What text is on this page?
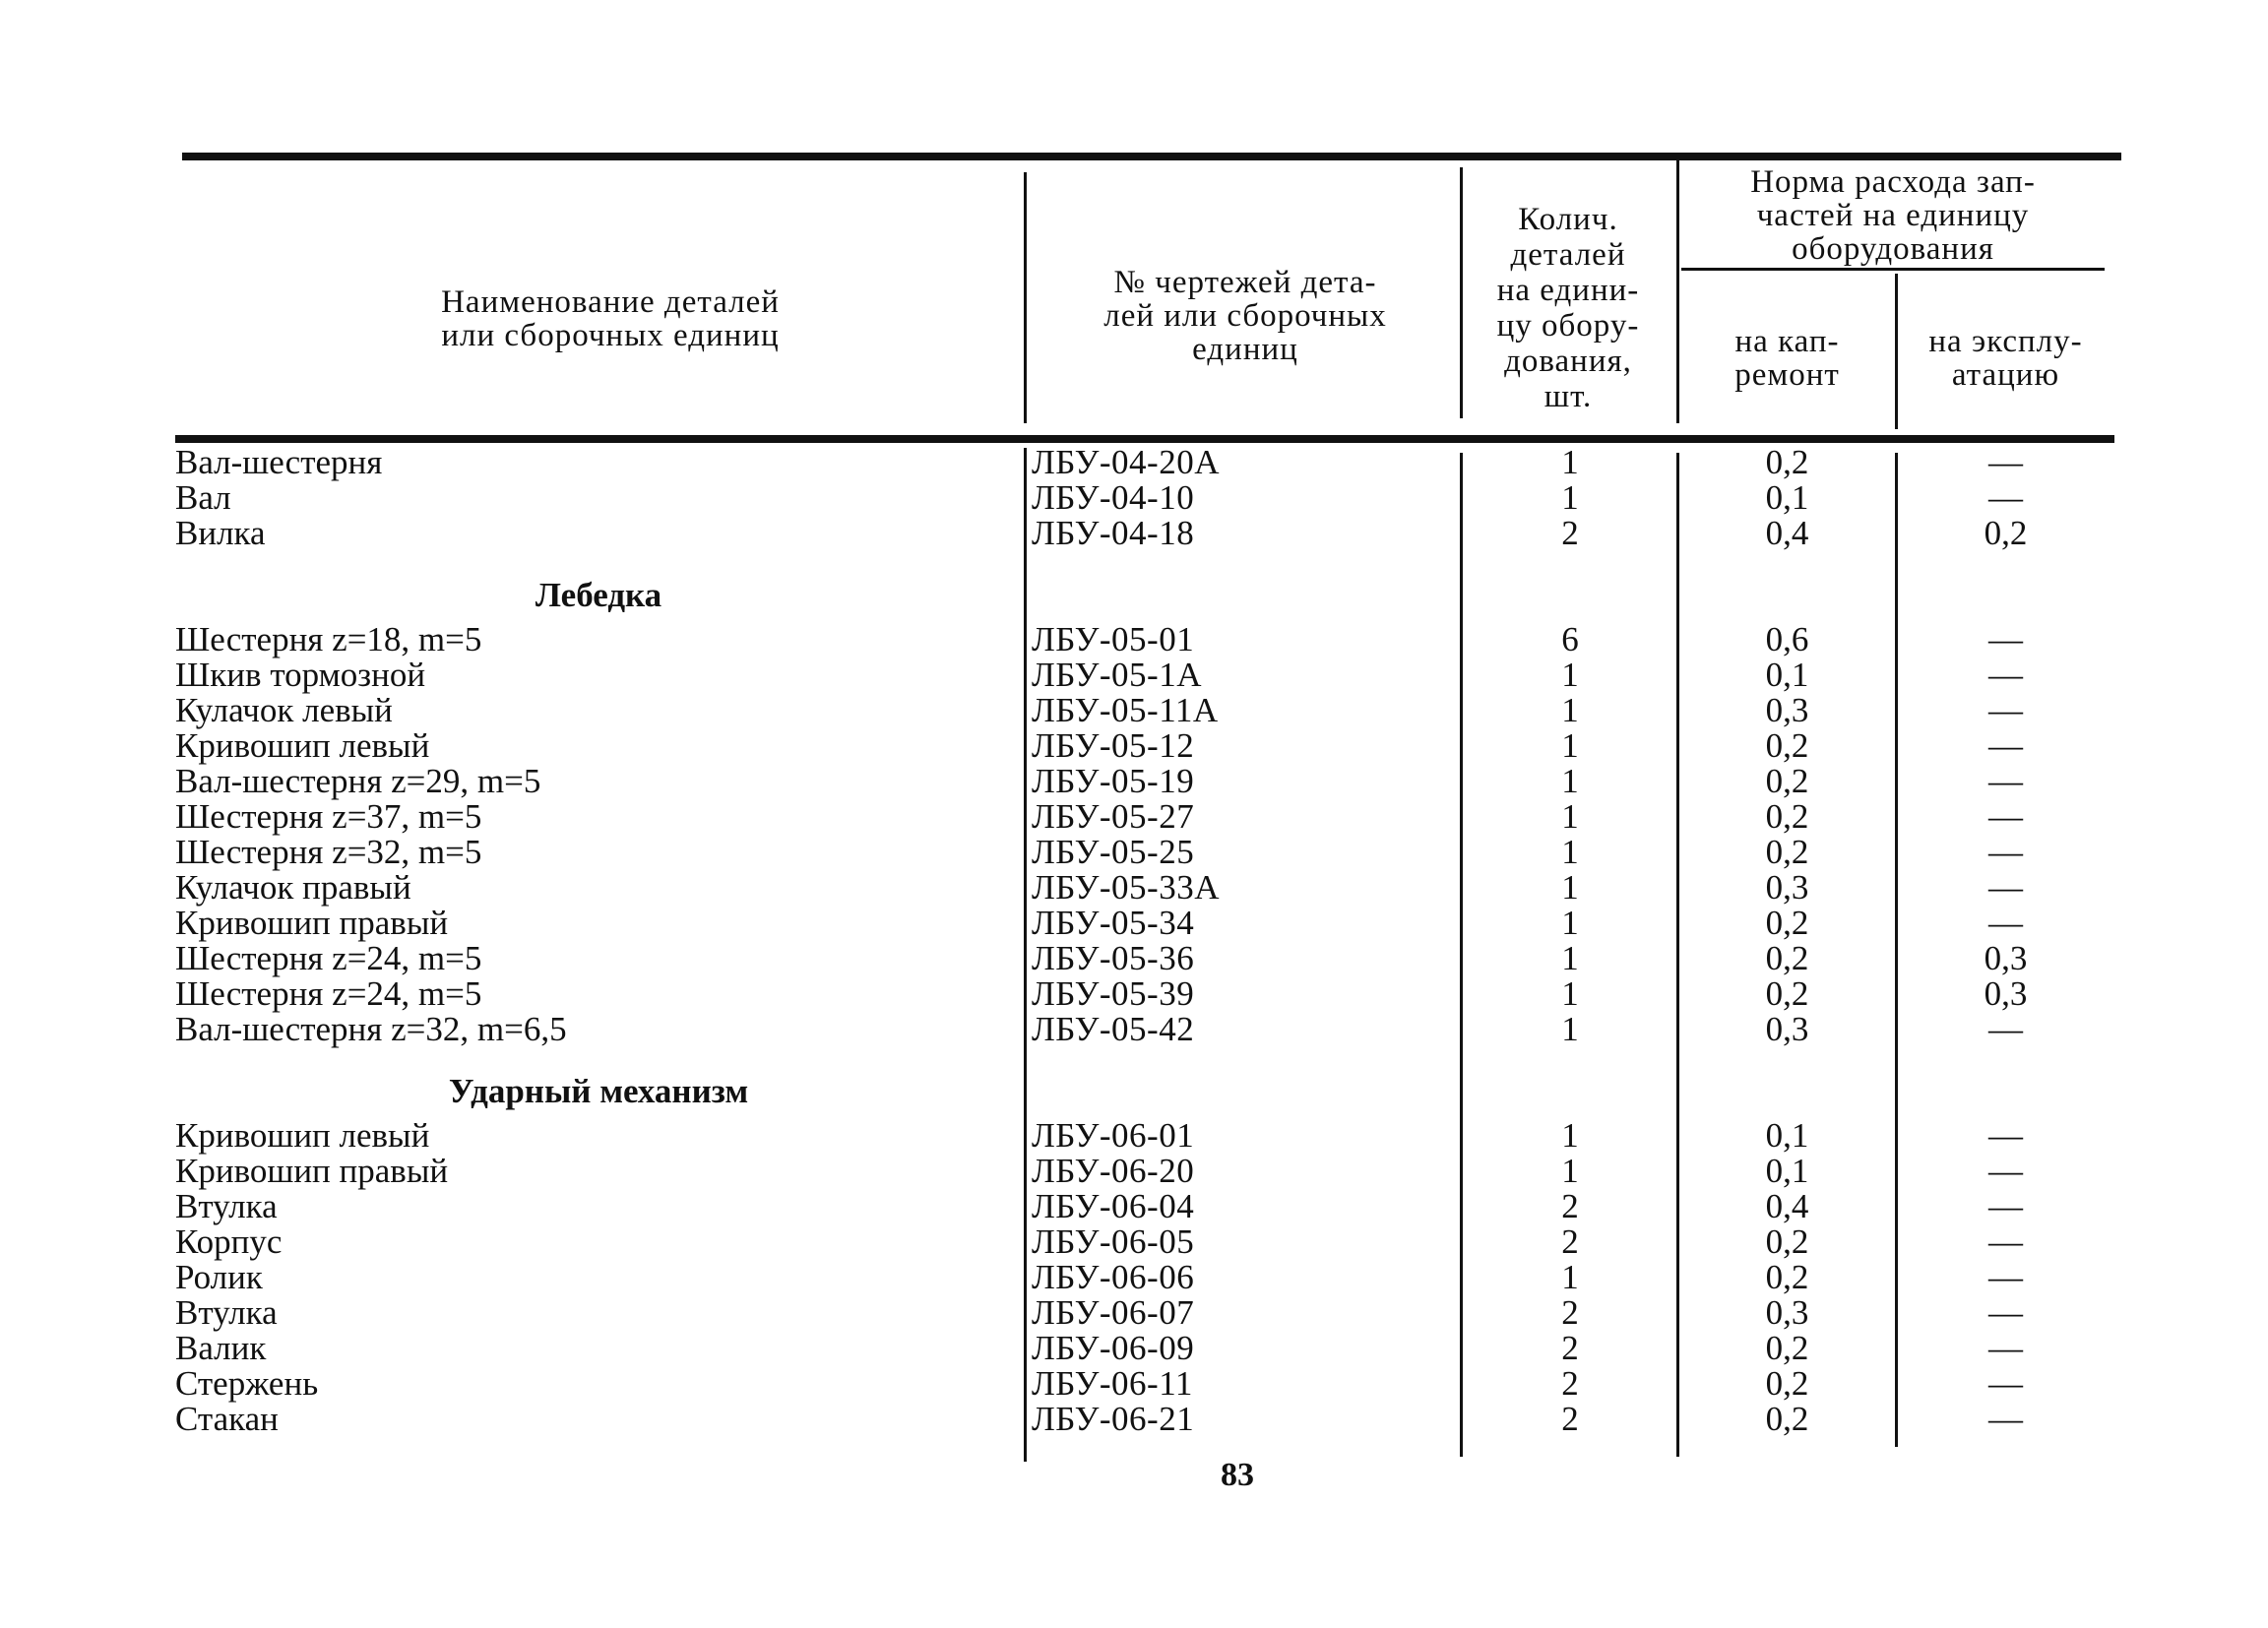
Наименование деталей
или сборочных единиц
№ чертежей дета-
лей или сборочных
единиц
Колич.
деталей
на едини-
цу обору-
дования,
шт.
Норма расхода зап-
частей на единицу
оборудования
на кап-
ремонт
на эксплу-
атацию
Вал-шестерня
Вал
Вилка
Лебедка
Шестерня z=18, m=5
Шкив тормозной
Кулачок левый
Кривошип левый
Вал-шестерня z=29, m=5
Шестерня z=37, m=5
Шестерня z=32, m=5
Кулачок правый
Кривошип правый
Шестерня z=24, m=5
Шестерня z=24, m=5
Вал-шестерня z=32, m=6,5
Ударный механизм
Кривошип левый
Кривошип правый
Втулка
Корпус
Ролик
Втулка
Валик
Стержень
Стакан
ЛБУ-04-20А
ЛБУ-04-10
ЛБУ-04-18
ЛБУ-05-01
ЛБУ-05-1А
ЛБУ-05-11А
ЛБУ-05-12
ЛБУ-05-19
ЛБУ-05-27
ЛБУ-05-25
ЛБУ-05-33А
ЛБУ-05-34
ЛБУ-05-36
ЛБУ-05-39
ЛБУ-05-42
ЛБУ-06-01
ЛБУ-06-20
ЛБУ-06-04
ЛБУ-06-05
ЛБУ-06-06
ЛБУ-06-07
ЛБУ-06-09
ЛБУ-06-11
ЛБУ-06-21
1
1
2
6
1
1
1
1
1
1
1
1
1
1
1
1
1
2
2
1
2
2
2
2
0,2
0,1
0,4
0,6
0,1
0,3
0,2
0,2
0,2
0,2
0,3
0,2
0,2
0,2
0,3
0,1
0,1
0,4
0,2
0,2
0,3
0,2
0,2
0,2
—
—
0,2
—
—
—
—
—
—
—
—
—
0,3
0,3
—
—
—
—
—
—
—
—
—
—
83
